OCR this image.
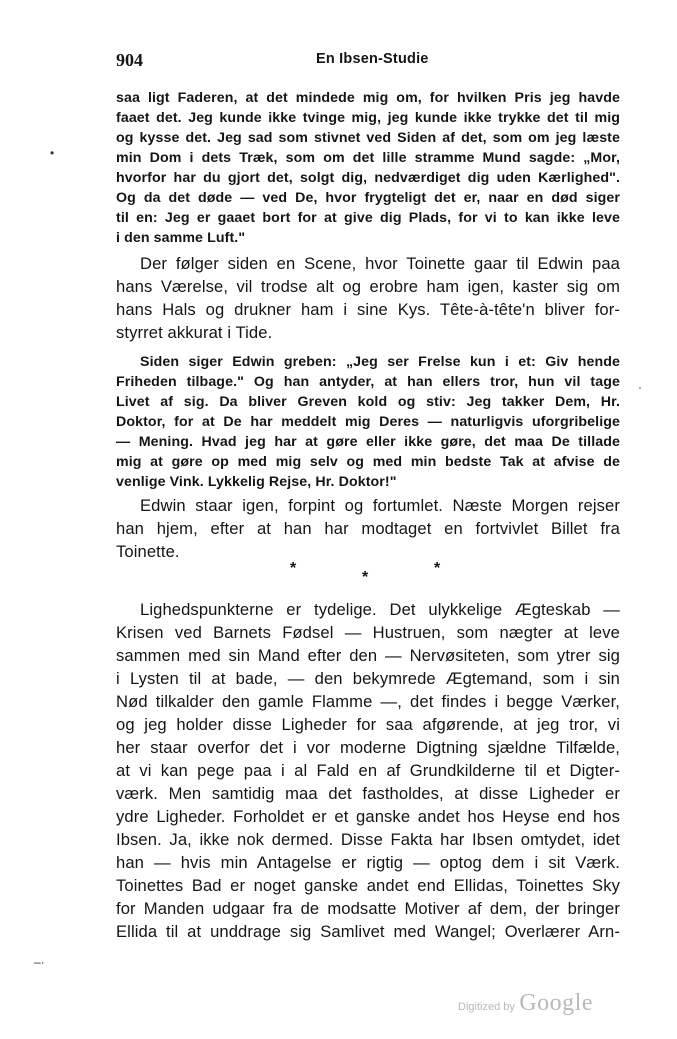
904	En Ibsen-Studie
saa ligt Faderen, at det mindede mig om, for hvilken Pris jeg havde
faaet det. Jeg kunde ikke tvinge mig, jeg kunde ikke trykke det til mig
og kysse det. Jeg sad som stivnet ved Siden af det, som om jeg læste
min Dom i dets Træk, som om det lille stramme Mund sagde: „Mor,
hvorfor har du gjort det, solgt dig, nedværdiget dig uden Kærlighed".
Og da det døde — ved De, hvor frygteligt det er, naar en død siger
til en: Jeg er gaaet bort for at give dig Plads, for vi to kan ikke leve
i den samme Luft."
Der følger siden en Scene, hvor Toinette gaar til Edwin paa
hans Værelse, vil trodse alt og erobre ham igen, kaster sig om
hans Hals og drukner ham i sine Kys. Tête-à-tête'n bliver for-
styrret akkurat i Tide.
Siden siger Edwin greben: „Jeg ser Frelse kun i et: Giv hende
Friheden tilbage." Og han antyder, at han ellers tror, hun vil tage
Livet af sig. Da bliver Greven kold og stiv: Jeg takker Dem, Hr.
Doktor, for at De har meddelt mig Deres — naturligvis uforgribelige
— Mening. Hvad jeg har at gøre eller ikke gøre, det maa De tillade
mig at gøre op med mig selv og med min bedste Tak at afvise de
venlige Vink. Lykkelig Rejse, Hr. Doktor!"
Edwin staar igen, forpint og fortumlet. Næste Morgen rejser
han hjem, efter at han har modtaget en fortvivlet Billet fra
Toinette.
*
*
*
Lighedspunkterne er tydelige. Det ulykkelige Ægteskab —
Krisen ved Barnets Fødsel — Hustruen, som nægter at leve
sammen med sin Mand efter den — Nervøsiteten, som ytrer sig
i Lysten til at bade, — den bekymrede Ægtemand, som i sin
Nød tilkalder den gamle Flamme —, det findes i begge Værker,
og jeg holder disse Ligheder for saa afgørende, at jeg tror, vi
her staar overfor det i vor moderne Digtning sjældne Tilfælde,
at vi kan pege paa i al Fald en af Grundkilderne til et Digter-
værk. Men samtidig maa det fastholdes, at disse Ligheder er
ydre Ligheder. Forholdet er et ganske andet hos Heyse end hos
Ibsen. Ja, ikke nok dermed. Disse Fakta har Ibsen omtydet, idet
han — hvis min Antagelse er rigtig — optog dem i sit Værk.
Toinettes Bad er noget ganske andet end Ellidas, Toinettes Sky
for Manden udgaar fra de modsatte Motiver af dem, der bringer
Ellida til at unddrage sig Samlivet med Wangel; Overlærer Arn-
•
·
–·
Digitized by Google
